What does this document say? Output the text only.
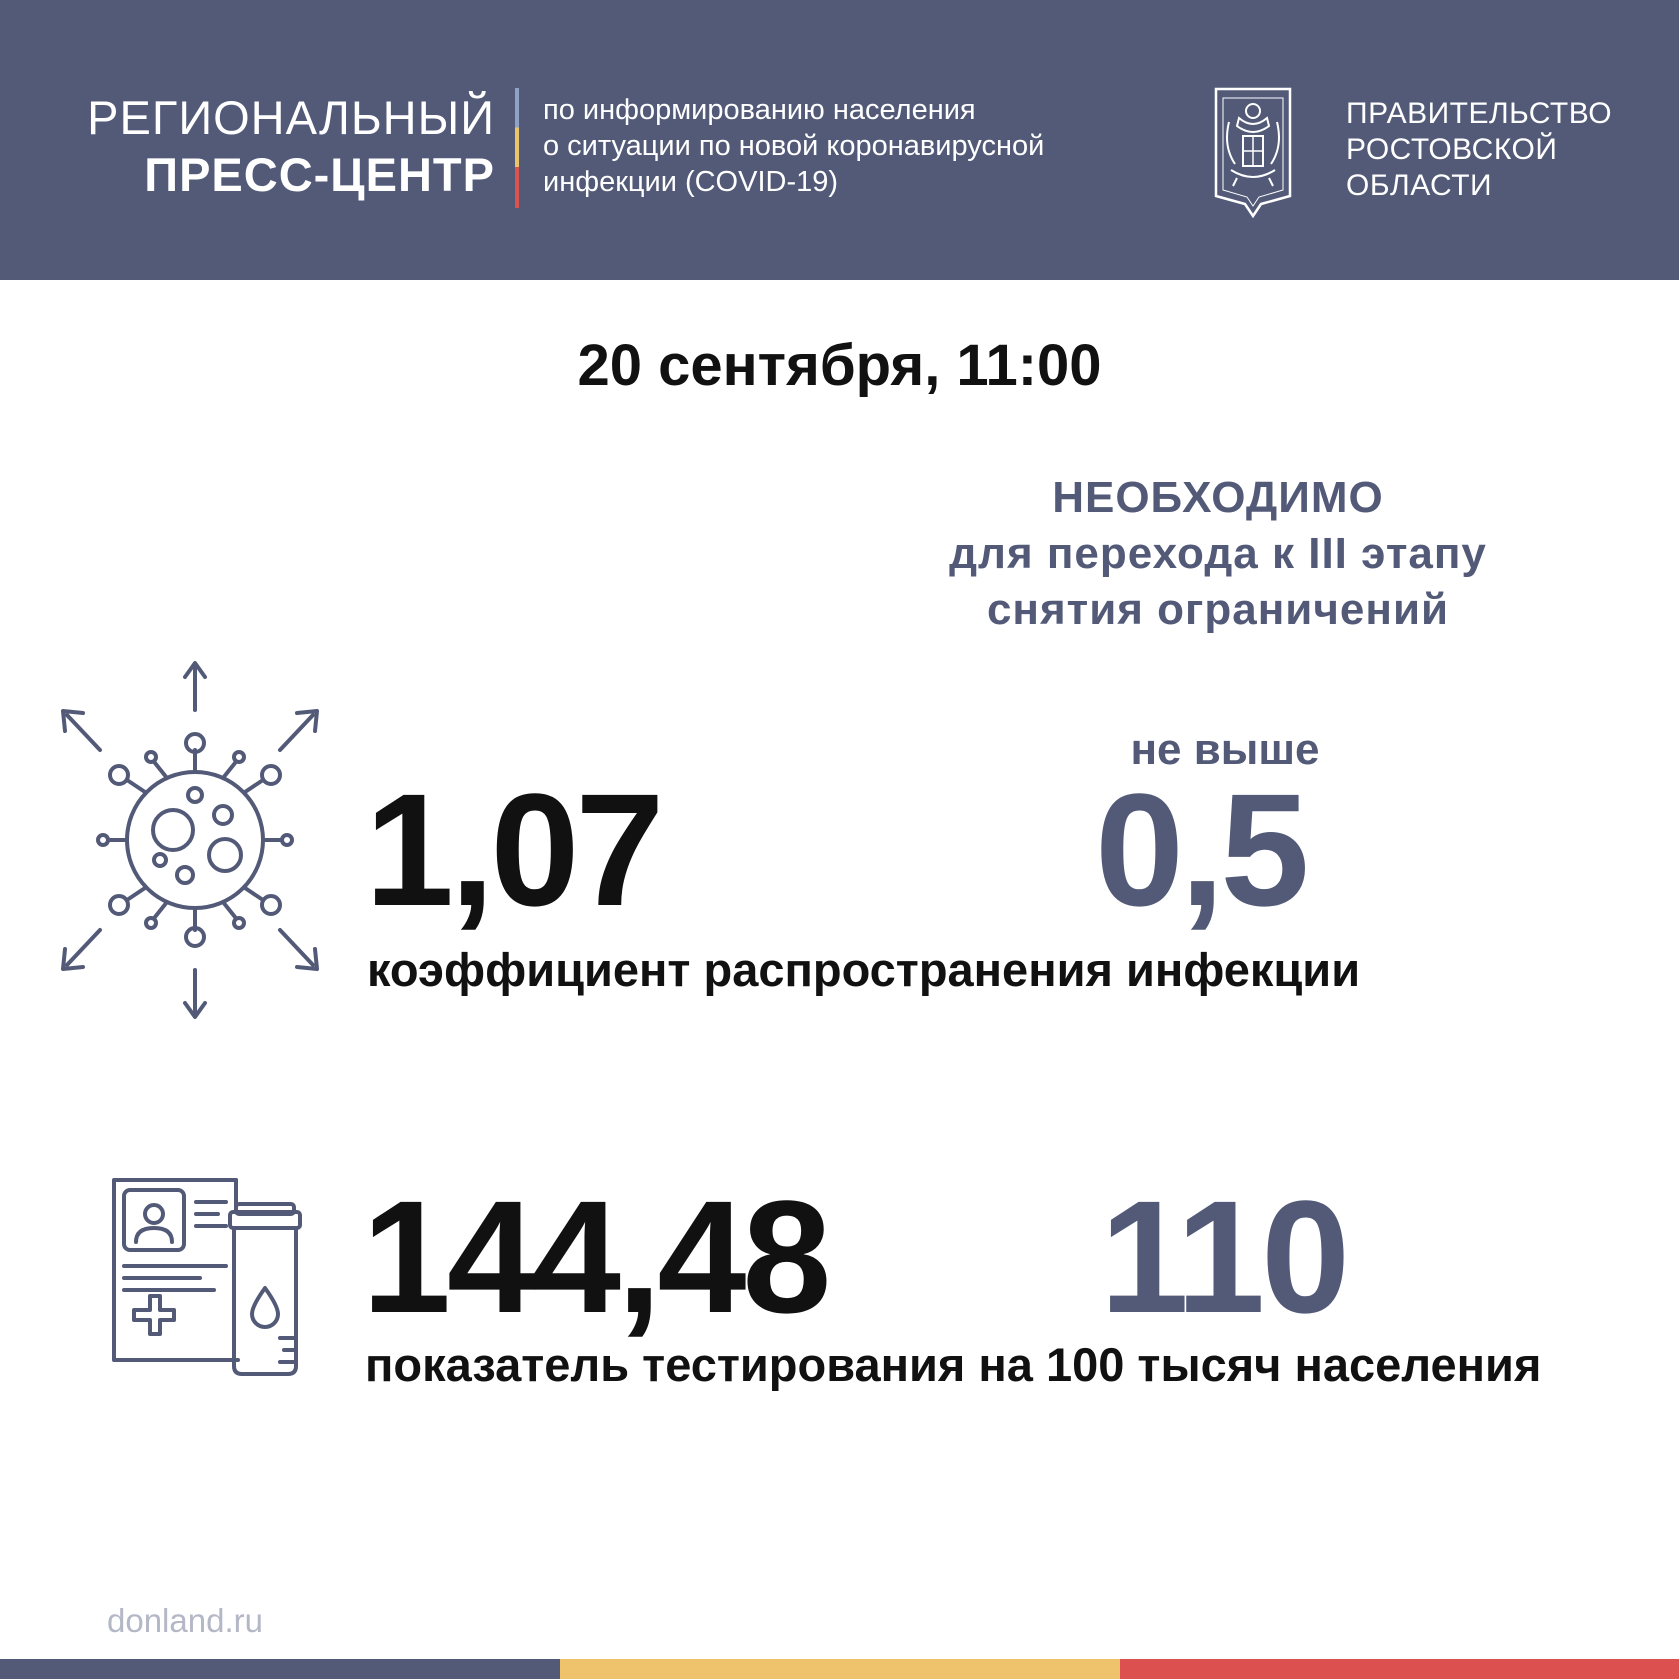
РЕГИОНАЛЬНЫЙ
ПРЕСС-ЦЕНТР
по информированию населения
о ситуации по новой коронавирусной
инфекции (COVID-19)
ПРАВИТЕЛЬСТВО
РОСТОВСКОЙ
ОБЛАСТИ
20 сентября, 11:00
НЕОБХОДИМО
для перехода к III этапу
снятия ограничений
1,07
не выше
0,5
коэффициент распространения инфекции
144,48 110
показатель тестирования на 100 тысяч населения
donland.ru
